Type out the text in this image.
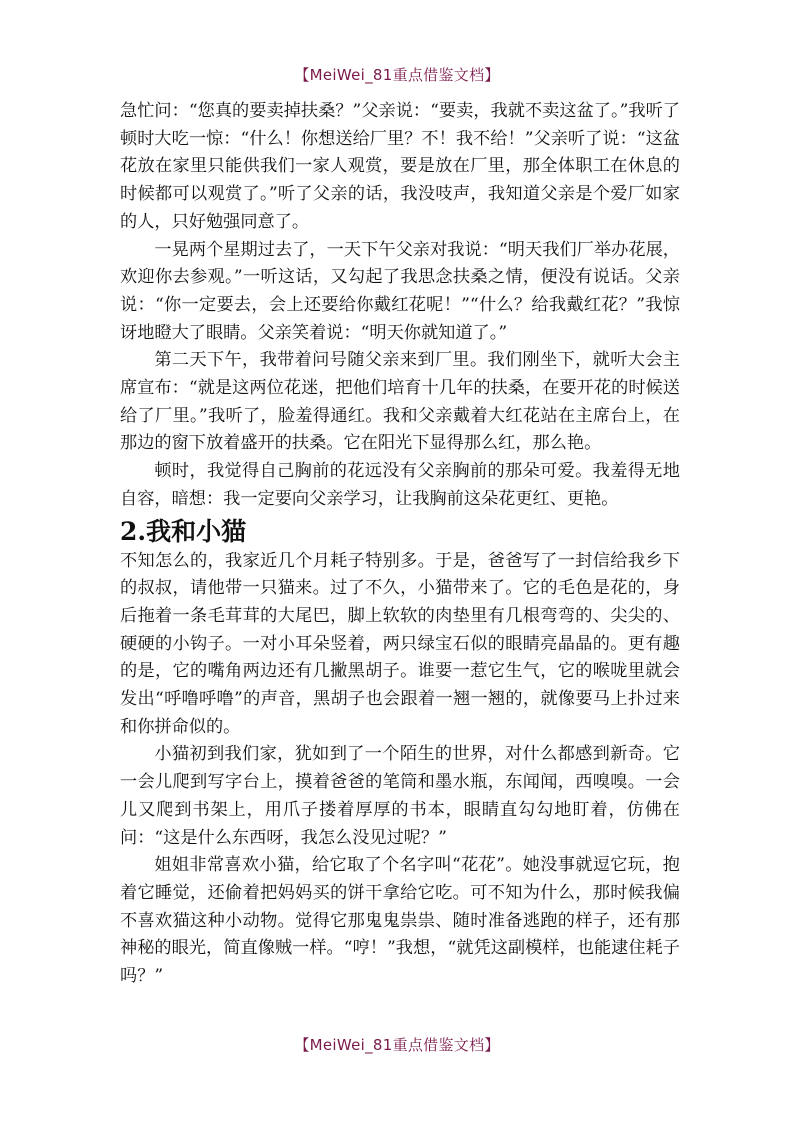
【MeiWei_81重点借鉴文档】

急忙问：“您真的要卖掉扶桑？”父亲说：“要卖，我就不卖这盆了。”我听了顿时大吃一惊：“什么！你想送给厂里？不！我不给！”父亲听了说：“这盆花放在家里只能供我们一家人观赏，要是放在厂里，那全体职工在休息的时候都可以观赏了。”听了父亲的话，我没吱声，我知道父亲是个爱厂如家的人，只好勉强同意了。

一晃两个星期过去了，一天下午父亲对我说：“明天我们厂举办花展，欢迎你去参观。”一听这话，又勾起了我思念扶桑之情，便没有说话。父亲说：“你一定要去，会上还要给你戴红花呢！”“什么？给我戴红花？”我惊讶地瞪大了眼睛。父亲笑着说：“明天你就知道了。”

第二天下午，我带着问号随父亲来到厂里。我们刚坐下，就听大会主席宣布：“就是这两位花迷，把他们培育十几年的扶桑，在要开花的时候送给了厂里。”我听了，脸羞得通红。我和父亲戴着大红花站在主席台上，在那边的窗下放着盛开的扶桑。它在阳光下显得那么红，那么艳。

顿时，我觉得自己胸前的花远没有父亲胸前的那朵可爱。我羞得无地自容，暗想：我一定要向父亲学习，让我胸前这朵花更红、更艳。

2.我和小猫

不知怎么的，我家近几个月耗子特别多。于是，爸爸写了一封信给我乡下的叔叔，请他带一只猫来。过了不久，小猫带来了。它的毛色是花的，身后拖着一条毛茸茸的大尾巴，脚上软软的肉垫里有几根弯弯的、尖尖的、硬硬的小钩子。一对小耳朵竖着，两只绿宝石似的眼睛亮晶晶的。更有趣的是，它的嘴角两边还有几撇黑胡子。谁要一惹它生气，它的喉咙里就会发出“呼噜呼噜”的声音，黑胡子也会跟着一翘一翘的，就像要马上扑过来和你拼命似的。

小猫初到我们家，犹如到了一个陌生的世界，对什么都感到新奇。它一会儿爬到写字台上，摸着爸爸的笔筒和墨水瓶，东闻闻，西嗅嗅。一会儿又爬到书架上，用爪子搂着厚厚的书本，眼睛直勾勾地盯着，仿佛在问：“这是什么东西呀，我怎么没见过呢？”

姐姐非常喜欢小猫，给它取了个名字叫“花花”。她没事就逗它玩，抱着它睡觉，还偷着把妈妈买的饼干拿给它吃。可不知为什么，那时候我偏不喜欢猫这种小动物。觉得它那鬼鬼祟祟、随时准备逃跑的样子，还有那神秘的眼光，简直像贼一样。“哼！”我想，“就凭这副模样，也能逮住耗子吗？”

【MeiWei_81重点借鉴文档】
